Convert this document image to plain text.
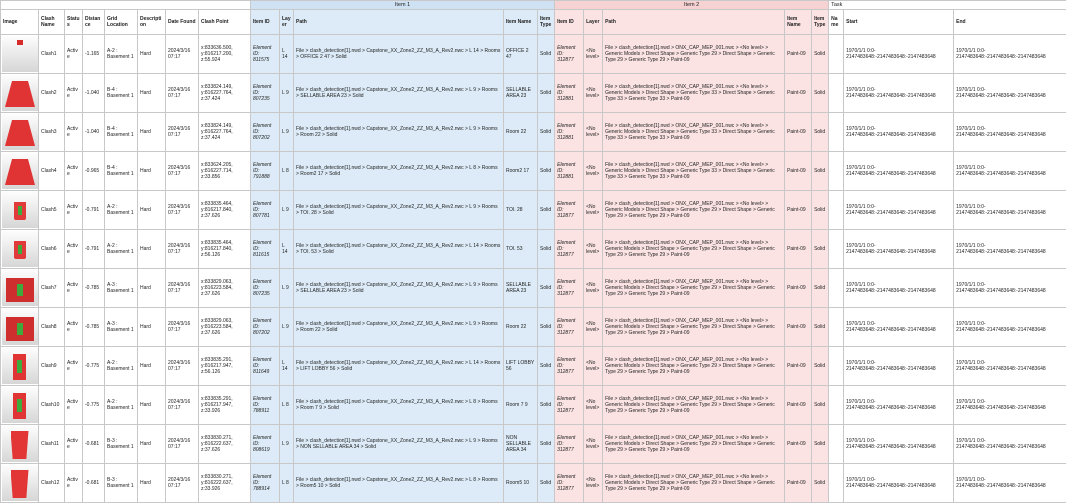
								Item 1					Item 2					Task		
Image	Clash Name	Status	Distance	Grid Location	Description	Date Found	Clash Point	Item ID	Layer	Path	Item Name	Item Type	Item ID	Layer	Path	Item Name	Item Type	Name	Start	End

	Clash1	Active	-1.165	A-2 : Basement 1	Hard	2024/3/16 07:17	x:833636.500, y:816217.200, z:55.924	Element ID: 811575	L 14	File > clash_detection[1].nwd > Capstone_XX_Zone2_ZZ_M3_A_Rev2.nwc > L 14 > Rooms > OFFICE 2 47 > Solid	OFFICE 2 47	Solid	Element ID: 312877	<No level>	File > clash_detection[1].nwd > ONX_CAP_MEP_001.nwc > <No level> > Generic Models > Direct Shape > Generic Type 29 > Direct Shape > Generic Type 29 > Generic Type 29 > Paint-09	Paint-09	Solid		1970/1/1 0:0-2147483648:-2147483648:-2147483648	1970/1/1 0:0-2147483648:-2147483648:-2147483648

	Clash2	Active	-1.040	B-4 : Basement 1	Hard	2024/3/16 07:17	x:833824.149, y:816227.764, z:37.424	Element ID: 807235	L 9	File > clash_detection[1].nwd > Capstone_XX_Zone2_ZZ_M3_A_Rev2.nwc > L 9 > Rooms > SELLABLE AREA 23 > Solid	SELLABLE AREA 23	Solid	Element ID: 312881	<No level>	File > clash_detection[1].nwd > ONX_CAP_MEP_001.nwc > <No level> > Generic Models > Direct Shape > Generic Type 33 > Direct Shape > Generic Type 33 > Generic Type 33 > Paint-09	Paint-09	Solid		1970/1/1 0:0-2147483648:-2147483648:-2147483648	1970/1/1 0:0-2147483648:-2147483648:-2147483648

	Clash3	Active	-1.040	B-4 : Basement 1	Hard	2024/3/16 07:17	x:833824.149, y:816227.764, z:37.424	Element ID: 807202	L 9	File > clash_detection[1].nwd > Capstone_XX_Zone2_ZZ_M3_A_Rev2.nwc > L 9 > Rooms > Room 22 > Solid	Room 22	Solid	Element ID: 312881	<No level>	File > clash_detection[1].nwd > ONX_CAP_MEP_001.nwc > <No level> > Generic Models > Direct Shape > Generic Type 33 > Direct Shape > Generic Type 33 > Generic Type 33 > Paint-09	Paint-09	Solid		1970/1/1 0:0-2147483648:-2147483648:-2147483648	1970/1/1 0:0-2147483648:-2147483648:-2147483648

	Clash4	Active	-0.965	B-4 : Basement 1	Hard	2024/3/16 07:17	x:833624.205, y:816227.714, z:33.856	Element ID: 791888	L 8	File > clash_detection[1].nwd > Capstone_XX_Zone2_ZZ_M3_A_Rev2.nwc > L 8 > Rooms > Room2 17 > Solid	Room2 17	Solid	Element ID: 312881	<No level>	File > clash_detection[1].nwd > ONX_CAP_MEP_001.nwc > <No level> > Generic Models > Direct Shape > Generic Type 33 > Direct Shape > Generic Type 33 > Generic Type 33 > Paint-09	Paint-09	Solid		1970/1/1 0:0-2147483648:-2147483648:-2147483648	1970/1/1 0:0-2147483648:-2147483648:-2147483648

	Clash5	Active	-0.791	A-2 : Basement 1	Hard	2024/3/16 07:17	x:833835.464, y:816217.840, z:37.626	Element ID: 807781	L 9	File > clash_detection[1].nwd > Capstone_XX_Zone2_ZZ_M3_A_Rev2.nwc > L 9 > Rooms > TOI. 28 > Solid	TOI. 28	Solid	Element ID: 312877	<No level>	File > clash_detection[1].nwd > ONX_CAP_MEP_001.nwc > <No level> > Generic Models > Direct Shape > Generic Type 29 > Direct Shape > Generic Type 29 > Generic Type 29 > Paint-09	Paint-09	Solid		1970/1/1 0:0-2147483648:-2147483648:-2147483648	1970/1/1 0:0-2147483648:-2147483648:-2147483648

	Clash6	Active	-0.791	A-2 : Basement 1	Hard	2024/3/16 07:17	x:833835.464, y:816217.840, z:56.126	Element ID: 811615	L 14	File > clash_detection[1].nwd > Capstone_XX_Zone2_ZZ_M3_A_Rev2.nwc > L 14 > Rooms > TOI. 53 > Solid	TOI. 53	Solid	Element ID: 312877	<No level>	File > clash_detection[1].nwd > ONX_CAP_MEP_001.nwc > <No level> > Generic Models > Direct Shape > Generic Type 29 > Direct Shape > Generic Type 29 > Generic Type 29 > Paint-09	Paint-09	Solid		1970/1/1 0:0-2147483648:-2147483648:-2147483648	1970/1/1 0:0-2147483648:-2147483648:-2147483648

	Clash7	Active	-0.785	A-3 : Basement 1	Hard	2024/3/16 07:17	x:833829.063, y:816223.584, z:37.626	Element ID: 807235	L 9	File > clash_detection[1].nwd > Capstone_XX_Zone2_ZZ_M3_A_Rev2.nwc > L 9 > Rooms > SELLABLE AREA 23 > Solid	SELLABLE AREA 23	Solid	Element ID: 312877	<No level>	File > clash_detection[1].nwd > ONX_CAP_MEP_001.nwc > <No level> > Generic Models > Direct Shape > Generic Type 29 > Direct Shape > Generic Type 29 > Generic Type 29 > Paint-09	Paint-09	Solid		1970/1/1 0:0-2147483648:-2147483648:-2147483648	1970/1/1 0:0-2147483648:-2147483648:-2147483648

	Clash8	Active	-0.785	A-3 : Basement 1	Hard	2024/3/16 07:17	x:833829.063, y:816223.584, z:37.626	Element ID: 807202	L 9	File > clash_detection[1].nwd > Capstone_XX_Zone2_ZZ_M3_A_Rev2.nwc > L 9 > Rooms > Room 22 > Solid	Room 22	Solid	Element ID: 312877	<No level>	File > clash_detection[1].nwd > ONX_CAP_MEP_001.nwc > <No level> > Generic Models > Direct Shape > Generic Type 29 > Direct Shape > Generic Type 29 > Generic Type 29 > Paint-09	Paint-09	Solid		1970/1/1 0:0-2147483648:-2147483648:-2147483648	1970/1/1 0:0-2147483648:-2147483648:-2147483648

	Clash9	Active	-0.775	A-2 : Basement 1	Hard	2024/3/16 07:17	x:833835.291, y:816217.947, z:56.126	Element ID: 811649	L 14	File > clash_detection[1].nwd > Capstone_XX_Zone2_ZZ_M3_A_Rev2.nwc > L 14 > Rooms > LIFT LOBBY 56 > Solid	LIFT LOBBY 56	Solid	Element ID: 312877	<No level>	File > clash_detection[1].nwd > ONX_CAP_MEP_001.nwc > <No level> > Generic Models > Direct Shape > Generic Type 29 > Direct Shape > Generic Type 29 > Generic Type 29 > Paint-09	Paint-09	Solid		1970/1/1 0:0-2147483648:-2147483648:-2147483648	1970/1/1 0:0-2147483648:-2147483648:-2147483648

	Clash10	Active	-0.775	A-2 : Basement 1	Hard	2024/3/16 07:17	x:833835.291, y:816217.947, z:33.926	Element ID: 788911	L 8	File > clash_detection[1].nwd > Capstone_XX_Zone2_ZZ_M3_A_Rev2.nwc > L 8 > Rooms > Room 7 9 > Solid	Room 7 9	Solid	Element ID: 312877	<No level>	File > clash_detection[1].nwd > ONX_CAP_MEP_001.nwc > <No level> > Generic Models > Direct Shape > Generic Type 29 > Direct Shape > Generic Type 29 > Generic Type 29 > Paint-09	Paint-09	Solid		1970/1/1 0:0-2147483648:-2147483648:-2147483648	1970/1/1 0:0-2147483648:-2147483648:-2147483648

	Clash11	Active	-0.681	B-3 : Basement 1	Hard	2024/3/16 07:17	x:833830.271, y:816222.637, z:37.626	Element ID: 808619	L 9	File > clash_detection[1].nwd > Capstone_XX_Zone2_ZZ_M3_A_Rev2.nwc > L 9 > Rooms > NON SELLABLE AREA 34 > Solid	NON SELLABLE AREA 34	Solid	Element ID: 312877	<No level>	File > clash_detection[1].nwd > ONX_CAP_MEP_001.nwc > <No level> > Generic Models > Direct Shape > Generic Type 29 > Direct Shape > Generic Type 29 > Generic Type 29 > Paint-09	Paint-09	Solid		1970/1/1 0:0-2147483648:-2147483648:-2147483648	1970/1/1 0:0-2147483648:-2147483648:-2147483648

	Clash12	Active	-0.681	B-3 : Basement 1	Hard	2024/3/16 07:17	x:833830.271, y:816222.637, z:33.926	Element ID: 788914	L 8	File > clash_detection[1].nwd > Capstone_XX_Zone2_ZZ_M3_A_Rev2.nwc > L 8 > Rooms > Room5 10 > Solid	Room5 10	Solid	Element ID: 312877	<No level>	File > clash_detection[1].nwd > ONX_CAP_MEP_001.nwc > <No level> > Generic Models > Direct Shape > Generic Type 29 > Direct Shape > Generic Type 29 > Generic Type 29 > Paint-09	Paint-09	Solid		1970/1/1 0:0-2147483648:-2147483648:-2147483648	1970/1/1 0:0-2147483648:-2147483648:-2147483648
